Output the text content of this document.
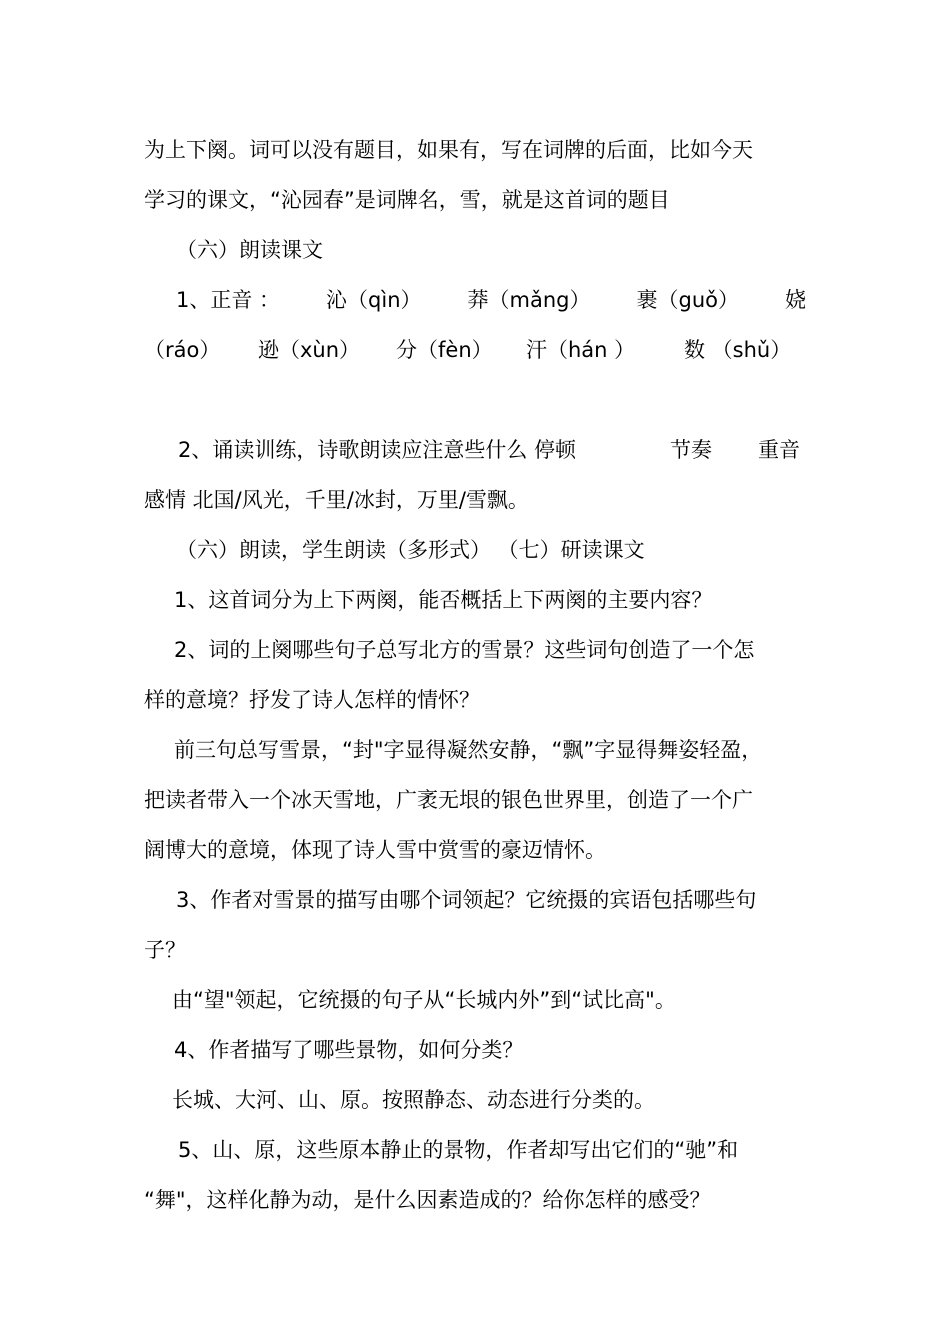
为上下阕。词可以没有题目，如果有，写在词牌的后面，比如今天
学习的课文，“沁园春”是词牌名，雪，就是这首词的题目
（六）朗读课文
1、正音 ： 沁（qìn） 莽（mǎng） 裹（guǒ） 娆
（ráo） 逊（xùn） 分（fèn） 汗（hán ） 数 （shǔ）
2、诵读训练，诗歌朗读应注意些什么 停顿	节奏 重音
感情 北国/风光，千里/冰封，万里/雪飘。
（六）朗读，学生朗读（多形式） （七）研读课文
1、这首词分为上下两阕，能否概括上下两阕的主要内容？
2、词的上阕哪些句子总写北方的雪景？这些词句创造了一个怎
样的意境？抒发了诗人怎样的情怀？
前三句总写雪景，“封"字显得凝然安静，“飘”字显得舞姿轻盈，
把读者带入一个冰天雪地，广袤无垠的银色世界里，创造了一个广
阔博大的意境，体现了诗人雪中赏雪的豪迈情怀。
3、作者对雪景的描写由哪个词领起？它统摄的宾语包括哪些句
子？
由“望"领起，它统摄的句子从“长城内外”到“试比高"。
4、作者描写了哪些景物，如何分类？
长城、大河、山、原。按照静态、动态进行分类的。
5、山、原，这些原本静止的景物，作者却写出它们的“驰”和
“舞"，这样化静为动，是什么因素造成的？给你怎样的感受？
